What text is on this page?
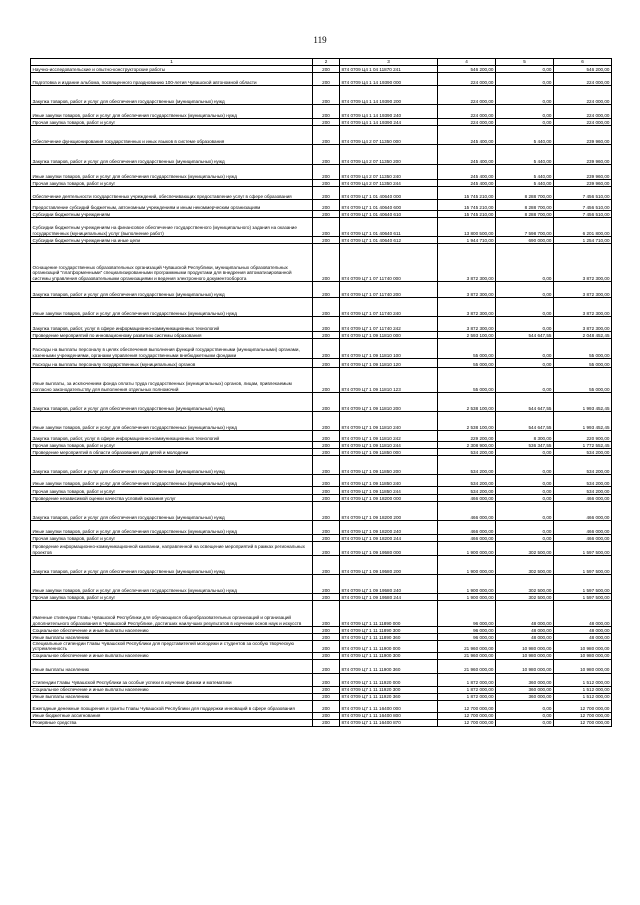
119
1	2	3	4	5	6
Научно-исследовательские и опытно-конструкторские работы	200	874 0709 Ц4 1 04 11870 241	546 200,00	0,00	546 200,00
Подготовка и издание альбома, посвященного празднованию 100-летия Чувашской автономной области	200	874 0709 Ц4 1 14 19390 000	224 000,00	0,00	224 000,00
Закупка товаров, работ и услуг для обеспечения государственных (муниципальных) нужд	200	874 0709 Ц4 1 14 19390 200	224 000,00	0,00	224 000,00
Иные закупки товаров, работ и услуг для обеспечения государственных (муниципальных) нужд	200	874 0709 Ц4 1 14 19390 240	224 000,00	0,00	224 000,00
Прочая закупка товаров, работ и услуг	200	874 0709 Ц4 1 14 19390 244	224 000,00	0,00	224 000,00
Обеспечение функционирования государственных и иных языков в системе образования	200	874 0709 Ц4 2 07 11350 000	245 400,00	5 440,00	239 960,00
Закупка товаров, работ и услуг для обеспечения государственных (муниципальных) нужд	200	874 0709 Ц4 2 07 11350 200	245 400,00	5 440,00	239 960,00
Иные закупки товаров, работ и услуг для обеспечения государственных (муниципальных) нужд	200	874 0709 Ц4 2 07 11350 240	245 400,00	5 440,00	239 960,00
Прочая закупка товаров, работ и услуг	200	874 0709 Ц4 2 07 11350 244	245 400,00	5 440,00	239 960,00
Обеспечение деятельности государственных учреждений, обеспечивающих предоставление услуг в сфере образования	200	874 0709 Ц7 1 01 40640 000	15 745 210,00	8 288 700,00	7 456 510,00
Предоставление субсидий бюджетным, автономным учреждениям и иным некоммерческим организациям	200	874 0709 Ц7 1 01 40640 600	15 745 210,00	8 288 700,00	7 456 510,00
Субсидии бюджетным учреждениям	200	874 0709 Ц7 1 01 40640 610	15 745 210,00	8 288 700,00	7 456 510,00
Субсидии бюджетным учреждениям на финансовое обеспечение государственного (муниципального) задания на оказание государственных (муниципальных) услуг (выполнение работ)	200	874 0709 Ц7 1 01 40640 611	13 800 500,00	7 598 700,00	6 201 800,00
Субсидии бюджетным учреждениям на иные цели	200	874 0709 Ц7 1 01 40640 612	1 944 710,00	690 000,00	1 254 710,00
Оснащение государственных образовательных организаций Чувашской Республики, муниципальных образовательных организаций "платформенными" специализированными программными продуктами для внедрения автоматизированной системы управления образовательными организациями и ведения электронного документооборота	200	874 0709 Ц7 1 07 11740 000	3 872 300,00	0,00	3 872 300,00
Закупка товаров, работ и услуг для обеспечения государственных (муниципальных) нужд	200	874 0709 Ц7 1 07 11740 200	3 872 300,00	0,00	3 872 300,00
Иные закупки товаров, работ и услуг для обеспечения государственных (муниципальных) нужд	200	874 0709 Ц7 1 07 11740 240	3 872 300,00	0,00	3 872 300,00
Закупка товаров, работ, услуг в сфере информационно-коммуникационных технологий	200	874 0709 Ц7 1 07 11740 242	3 872 300,00	0,00	3 872 300,00
Проведение мероприятий по инновационному развитию системы образования	200	874 0709 Ц7 1 09 11810 000	2 593 100,00	544 647,55	2 048 452,45
Расходы на выплаты персоналу в целях обеспечения выполнения функций государственными (муниципальными) органами, казенными учреждениями, органами управления государственными внебюджетными фондами	200	874 0709 Ц7 1 09 11810 100	55 000,00	0,00	55 000,00
Расходы на выплаты персоналу государственных (муниципальных) органов	200	874 0709 Ц7 1 09 11810 120	55 000,00	0,00	55 000,00
Иные выплаты, за исключением фонда оплаты труда государственных (муниципальных) органов, лицам, привлекаемым согласно законодательству для выполнения отдельных полномочий	200	874 0709 Ц7 1 09 11810 123	55 000,00	0,00	55 000,00
Закупка товаров, работ и услуг для обеспечения государственных (муниципальных) нужд	200	874 0709 Ц7 1 09 11810 200	2 538 100,00	544 647,55	1 993 452,45
Иные закупки товаров, работ и услуг для обеспечения государственных (муниципальных) нужд	200	874 0709 Ц7 1 09 11810 240	2 538 100,00	544 647,55	1 993 452,45
Закупка товаров, работ, услуг в сфере информационно-коммуникационных технологий	200	874 0709 Ц7 1 09 11810 242	229 200,00	8 300,00	220 900,00
Прочая закупка товаров, работ и услуг	200	874 0709 Ц7 1 09 11810 244	2 308 900,00	536 347,55	1 772 552,45
Проведение мероприятий в области образования для детей и молодежи	200	874 0709 Ц7 1 09 11850 000	534 200,00	0,00	534 200,00
Закупка товаров, работ и услуг для обеспечения государственных (муниципальных) нужд	200	874 0709 Ц7 1 09 11850 200	534 200,00	0,00	534 200,00
Иные закупки товаров, работ и услуг для обеспечения государственных (муниципальных) нужд	200	874 0709 Ц7 1 09 11850 240	534 200,00	0,00	534 200,00
Прочая закупка товаров, работ и услуг	200	874 0709 Ц7 1 09 11850 244	534 200,00	0,00	534 200,00
Проведение независимой оценки качества условий оказания услуг	200	874 0709 Ц7 1 09 18200 000	466 000,00	0,00	466 000,00
Закупка товаров, работ и услуг для обеспечения государственных (муниципальных) нужд	200	874 0709 Ц7 1 09 18200 200	466 000,00	0,00	466 000,00
Иные закупки товаров, работ и услуг для обеспечения государственных (муниципальных) нужд	200	874 0709 Ц7 1 09 18200 240	466 000,00	0,00	466 000,00
Прочая закупка товаров, работ и услуг	200	874 0709 Ц7 1 09 18200 244	466 000,00	0,00	466 000,00
Проведение информационно-коммуникационной кампании, направленной на освещение мероприятий в рамках региональных проектов	200	874 0709 Ц7 1 09 19580 000	1 900 000,00	302 500,00	1 597 500,00
Закупка товаров, работ и услуг для обеспечения государственных (муниципальных) нужд	200	874 0709 Ц7 1 09 19580 200	1 900 000,00	302 500,00	1 597 500,00
Иные закупки товаров, работ и услуг для обеспечения государственных (муниципальных) нужд	200	874 0709 Ц7 1 09 19580 240	1 900 000,00	302 500,00	1 597 500,00
Прочая закупка товаров, работ и услуг	200	874 0709 Ц7 1 09 19580 244	1 900 000,00	302 500,00	1 597 500,00
Именные стипендии Главы Чувашской Республики для обучающихся общеобразовательных организаций и организаций дополнительного образования в Чувашской Республике, достигших наилучших результатов в изучении основ наук и искусств	200	874 0709 Ц7 1 11 11890 000	96 000,00	48 000,00	48 000,00
Социальное обеспечение и иные выплаты населению	200	874 0709 Ц7 1 11 11890 300	96 000,00	48 000,00	48 000,00
Иные выплаты населению	200	874 0709 Ц7 1 11 11890 360	96 000,00	48 000,00	48 000,00
Специальные стипендии Главы Чувашской Республики для представителей молодежи и студентов за особую творческую устремленность	200	874 0709 Ц7 1 11 11900 000	21 960 000,00	10 980 000,00	10 980 000,00
Социальное обеспечение и иные выплаты населению	200	874 0709 Ц7 1 11 11900 300	21 960 000,00	10 980 000,00	10 980 000,00
Иные выплаты населению	200	874 0709 Ц7 1 11 11900 360	21 960 000,00	10 980 000,00	10 980 000,00
Стипендии Главы Чувашской Республики за особые успехи в изучении физики и математики	200	874 0709 Ц7 1 11 11920 000	1 872 000,00	360 000,00	1 512 000,00
Социальное обеспечение и иные выплаты населению	200	874 0709 Ц7 1 11 11920 300	1 872 000,00	360 000,00	1 512 000,00
Иные выплаты населению	200	874 0709 Ц7 1 11 11920 360	1 872 000,00	360 000,00	1 512 000,00
Ежегодные денежные поощрения и гранты Главы Чувашской Республики для поддержки инноваций в сфере образования	200	874 0709 Ц7 1 11 16400 000	12 700 000,00	0,00	12 700 000,00
Иные бюджетные ассигнования	200	874 0709 Ц7 1 11 16400 800	12 700 000,00	0,00	12 700 000,00
Резервные средства	200	874 0709 Ц7 1 11 16400 870	12 700 000,00	0,00	12 700 000,00
